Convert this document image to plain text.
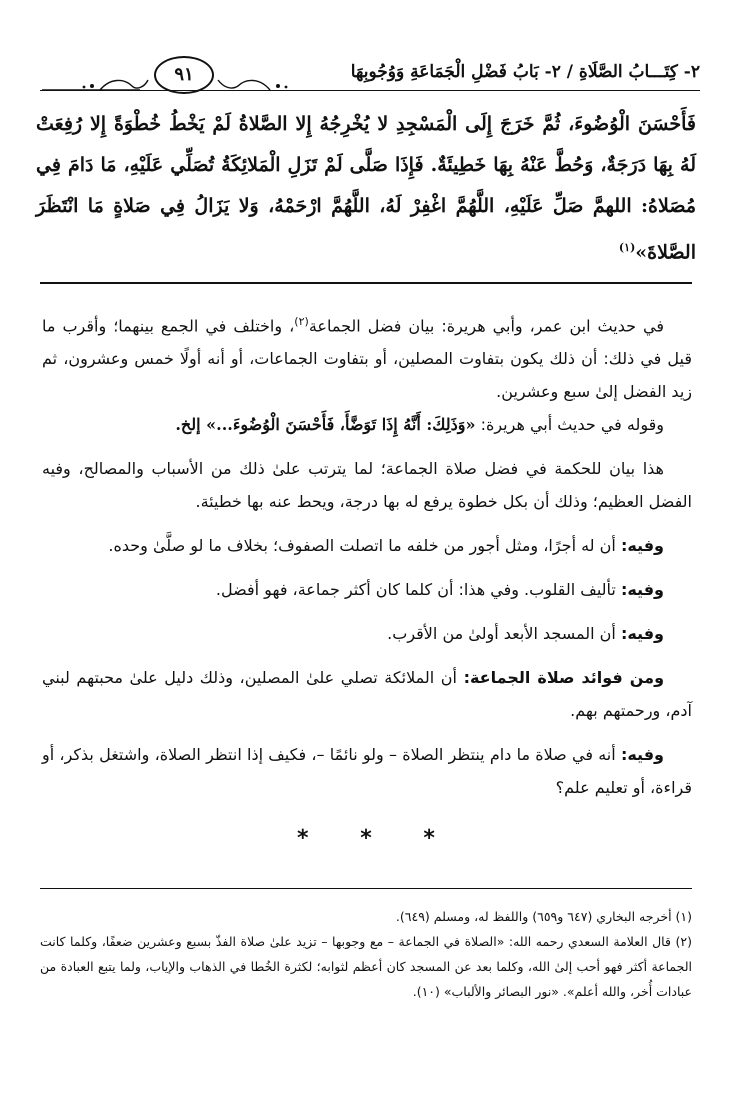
٩١	٢- كِتَـــابُ الصَّلَاةِ / ٢- بَابُ فَضْلِ الْجَمَاعَةِ وَوُجُوبِهَا
فَأَحْسَنَ الْوُضُوءَ، ثُمَّ خَرَجَ إِلَى الْمَسْجِدِ لا يُخْرِجُهُ إِلا الصَّلاةُ لَمْ يَخْطُ خُطْوَةً إِلا رُفِعَتْ لَهُ بِهَا دَرَجَةٌ، وَحُطَّ عَنْهُ بِهَا خَطِيئَةٌ. فَإِذَا صَلَّى لَمْ تَزَلِ الْمَلائِكَةُ تُصَلِّي عَلَيْهِ، مَا دَامَ فِي مُصَلاهُ: اللهمَّ صَلِّ عَلَيْهِ، اللَّهُمَّ اغْفِرْ لَهُ، اللَّهُمَّ ارْحَمْهُ، وَلا يَزَالُ فِي صَلاةٍ مَا انْتَظَرَ الصَّلاةَ»$^{(١)}$

في حديث ابن عمر، وأبي هريرة: بيان فضل الجماعة$^{(٢)}$، واختلف في الجمع بينهما؛ وأقرب ما قيل في ذلك: أن ذلك يكون بتفاوت المصلين، أو بتفاوت الجماعات، أو أنه أولًا خمس وعشرون، ثم زيد الفضل إلىٰ سبع وعشرين.

وقوله في حديث أبي هريرة: «وَذَلِكَ: أَنَّهُ إِذَا تَوَضَّأَ، فَأَحْسَنَ الْوُضُوءَ...» إلخ.

هذا بيان للحكمة في فضل صلاة الجماعة؛ لما يترتب علىٰ ذلك من الأسباب والمصالح، وفيه الفضل العظيم؛ وذلك أن بكل خطوة يرفع له بها درجة، ويحط عنه بها خطيئة.

وفيه: أن له أجرًا، ومثل أجور من خلفه ما اتصلت الصفوف؛ بخلاف ما لو صلَّىٰ وحده.

وفيه: تأليف القلوب. وفي هذا: أن كلما كان أكثر جماعة، فهو أفضل.

وفيه: أن المسجد الأبعد أولىٰ من الأقرب.

ومن فوائد صلاة الجماعة: أن الملائكة تصلي علىٰ المصلين، وذلك دليل علىٰ محبتهم لبني آدم، ورحمتهم بهم.

وفيه: أنه في صلاة ما دام ينتظر الصلاة – ولو نائمًا –، فكيف إذا انتظر الصلاة، واشتغل بذكر، أو قراءة، أو تعليم علم؟

* * *

(١) أخرجه البخاري (٦٤٧ و٦٥٩) واللفظ له، ومسلم (٦٤٩).

(٢) قال العلامة السعدي رحمه الله: «الصلاة في الجماعة – مع وجوبها – تزيد علىٰ صلاة الفذّ بسبع وعشرين ضعفًا، وكلما كانت الجماعة أكثر فهو أحب إلىٰ الله، وكلما بعد عن المسجد كان أعظم لثوابه؛ لكثرة الخُطا في الذهاب والإياب، ولما يتبع العبادة من عبادات أُخر، والله أعلم». «نور البصائر والألباب» (١٠).
